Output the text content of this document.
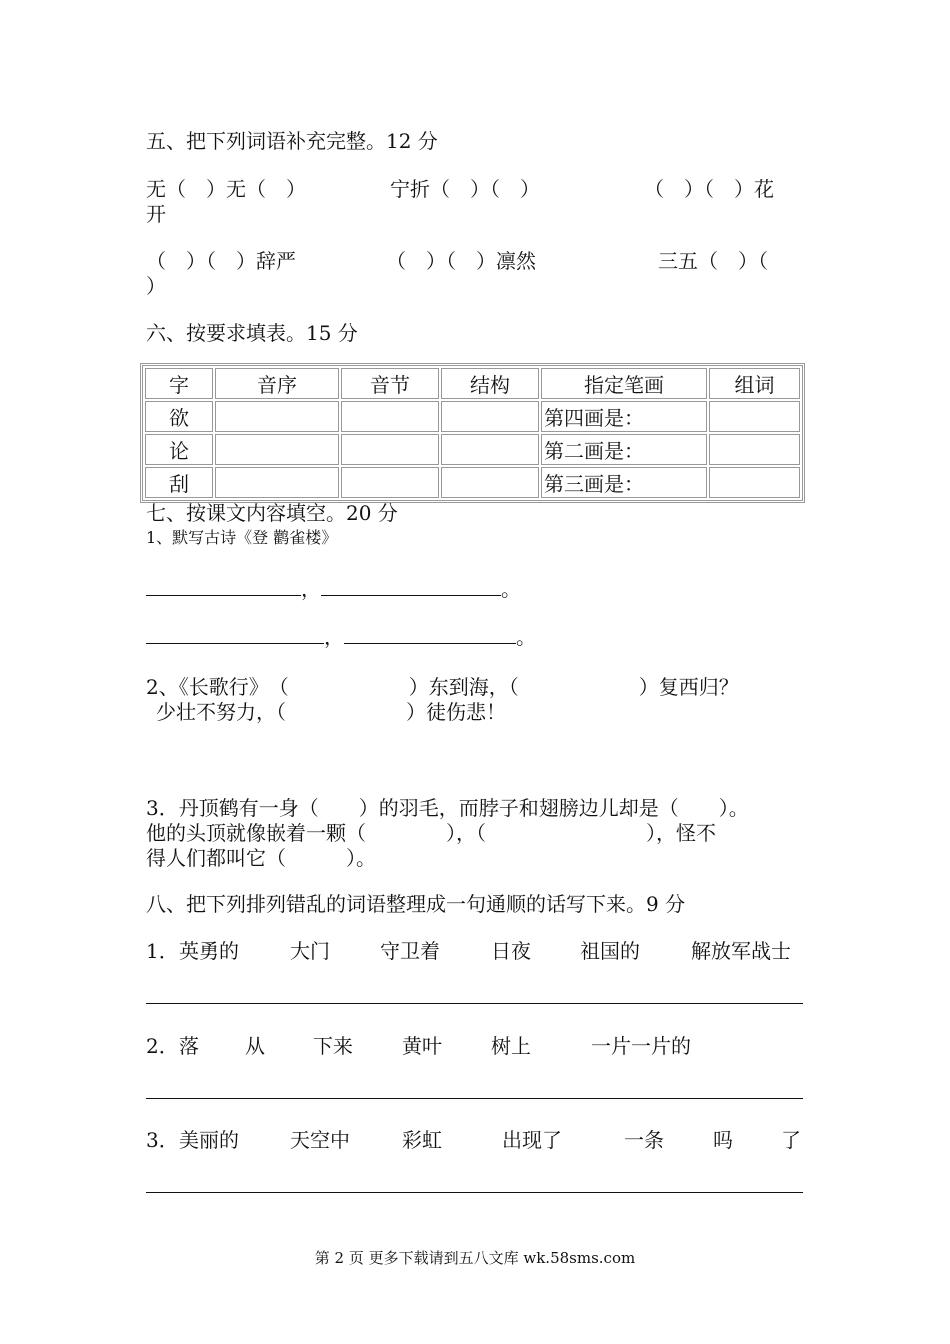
五、把下列词语补充完整。12 分
无（　）无（　）	宁折（　）（　）	（　）（　）花
开
（　）（　）辞严	（　）（　）凛然	三五（　）（
）
六、按要求填表。15 分
字	音序	音节	结构	指定笔画	组词
欲				第四画是：	
论				第二画是：	
刮				第三画是：	
七、按课文内容填空。20 分
1、默写古诗《登 鹳雀楼》
，	。
，	。
2、《长歌行》　（　　　　　　）东到海，（　　　　　　）复西归？
少壮不努力，（　　　　　　）徒伤悲！
3．丹顶鹤有一身（　　）的羽毛，而脖子和翅膀边儿却是（　　）。
他的头顶就像嵌着一颗（　　　　），（　　　　　　　　），怪不
得人们都叫它（　　　）。
八、把下列排列错乱的词语整理成一句通顺的话写下来。9 分
1． 英勇的	大门	守卫着	日夜 祖国的	解放军战士
2． 落 从 下来 黄叶 树上	一片一片的
3． 美丽的	天空中	彩虹	出现了	一条 吗 了
第 2 页 更多下载请到五八文库 wk.58sms.com
